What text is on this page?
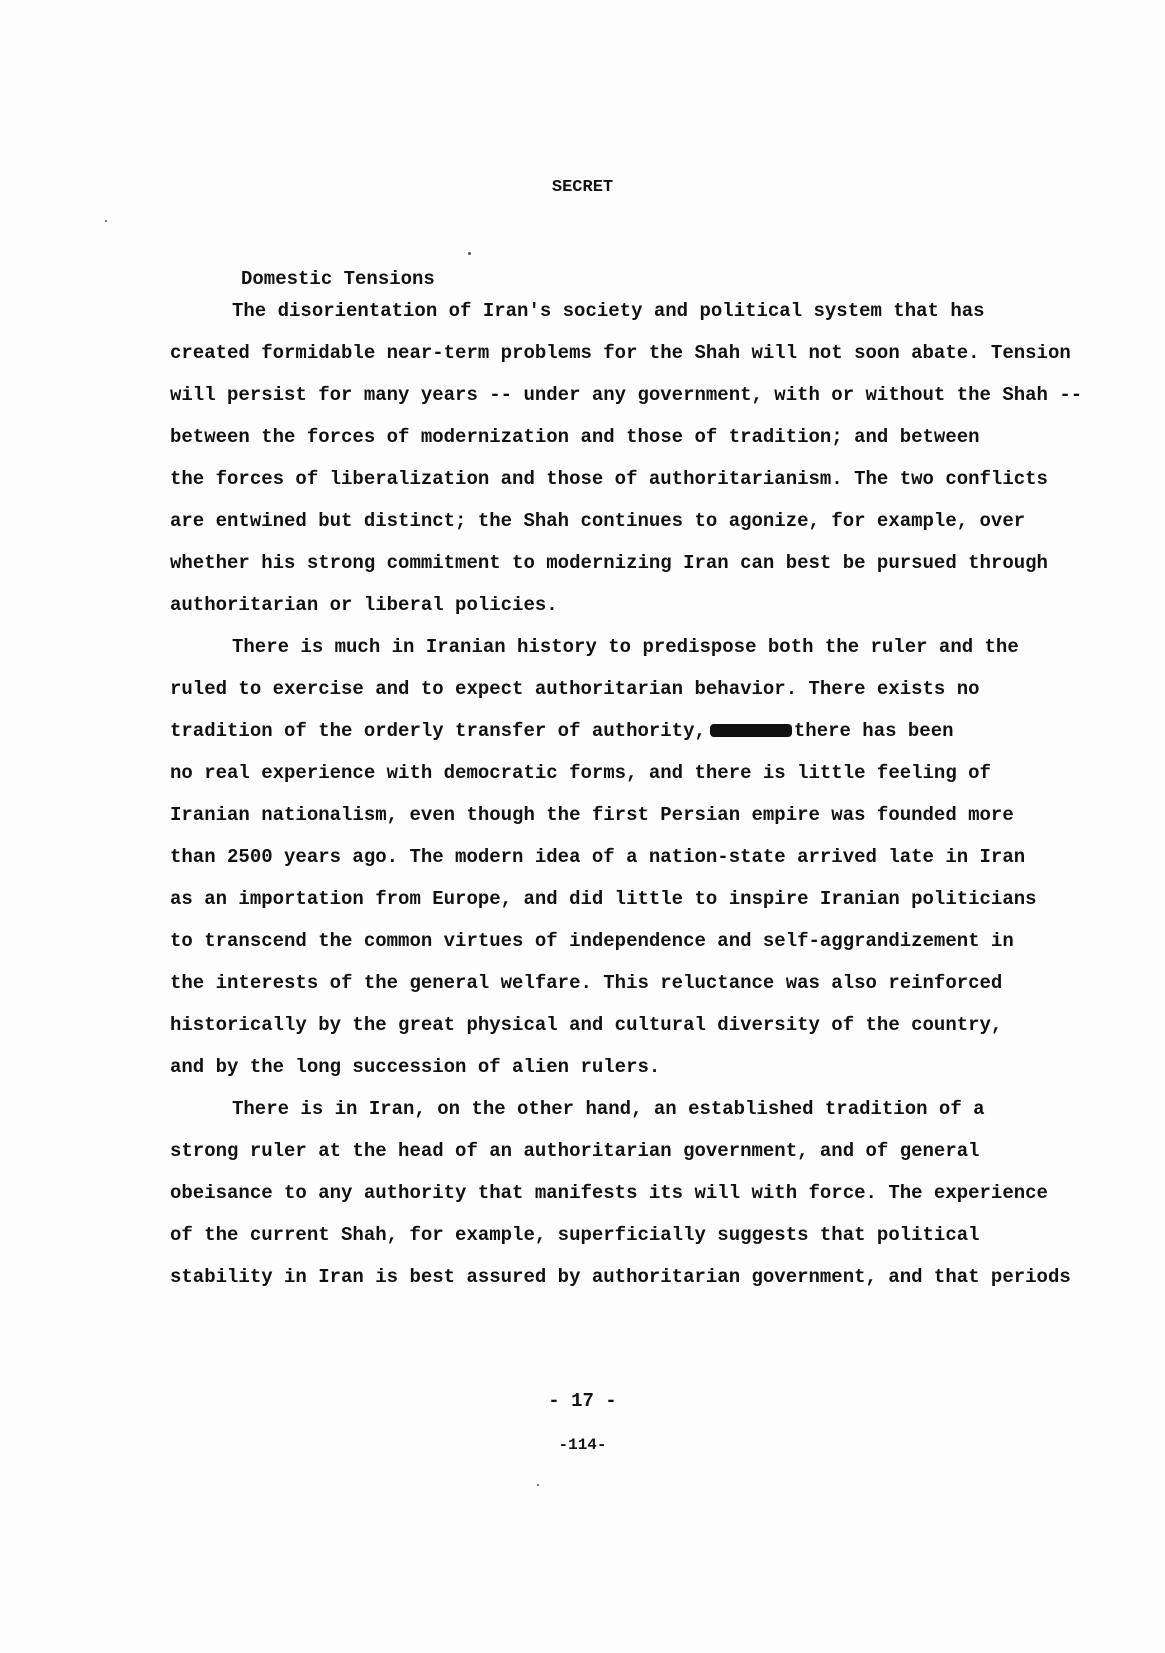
SECRET
Domestic Tensions
The disorientation of Iran's society and political system that has
created formidable near-term problems for the Shah will not soon abate. Tension
will persist for many years -- under any government, with or without the Shah --
between the forces of modernization and those of tradition; and between
the forces of liberalization and those of authoritarianism. The two conflicts
are entwined but distinct; the Shah continues to agonize, for example, over
whether his strong commitment to modernizing Iran can best be pursued through
authoritarian or liberal policies.
There is much in Iranian history to predispose both the ruler and the
ruled to exercise and to expect authoritarian behavior. There exists no
tradition of the orderly transfer of authority,	there has been
no real experience with democratic forms, and there is little feeling of
Iranian nationalism, even though the first Persian empire was founded more
than 2500 years ago. The modern idea of a nation-state arrived late in Iran
as an importation from Europe, and did little to inspire Iranian politicians
to transcend the common virtues of independence and self-aggrandizement in
the interests of the general welfare. This reluctance was also reinforced
historically by the great physical and cultural diversity of the country,
and by the long succession of alien rulers.
There is in Iran, on the other hand, an established tradition of a
strong ruler at the head of an authoritarian government, and of general
obeisance to any authority that manifests its will with force. The experience
of the current Shah, for example, superficially suggests that political
stability in Iran is best assured by authoritarian government, and that periods
- 17 -
-114-
